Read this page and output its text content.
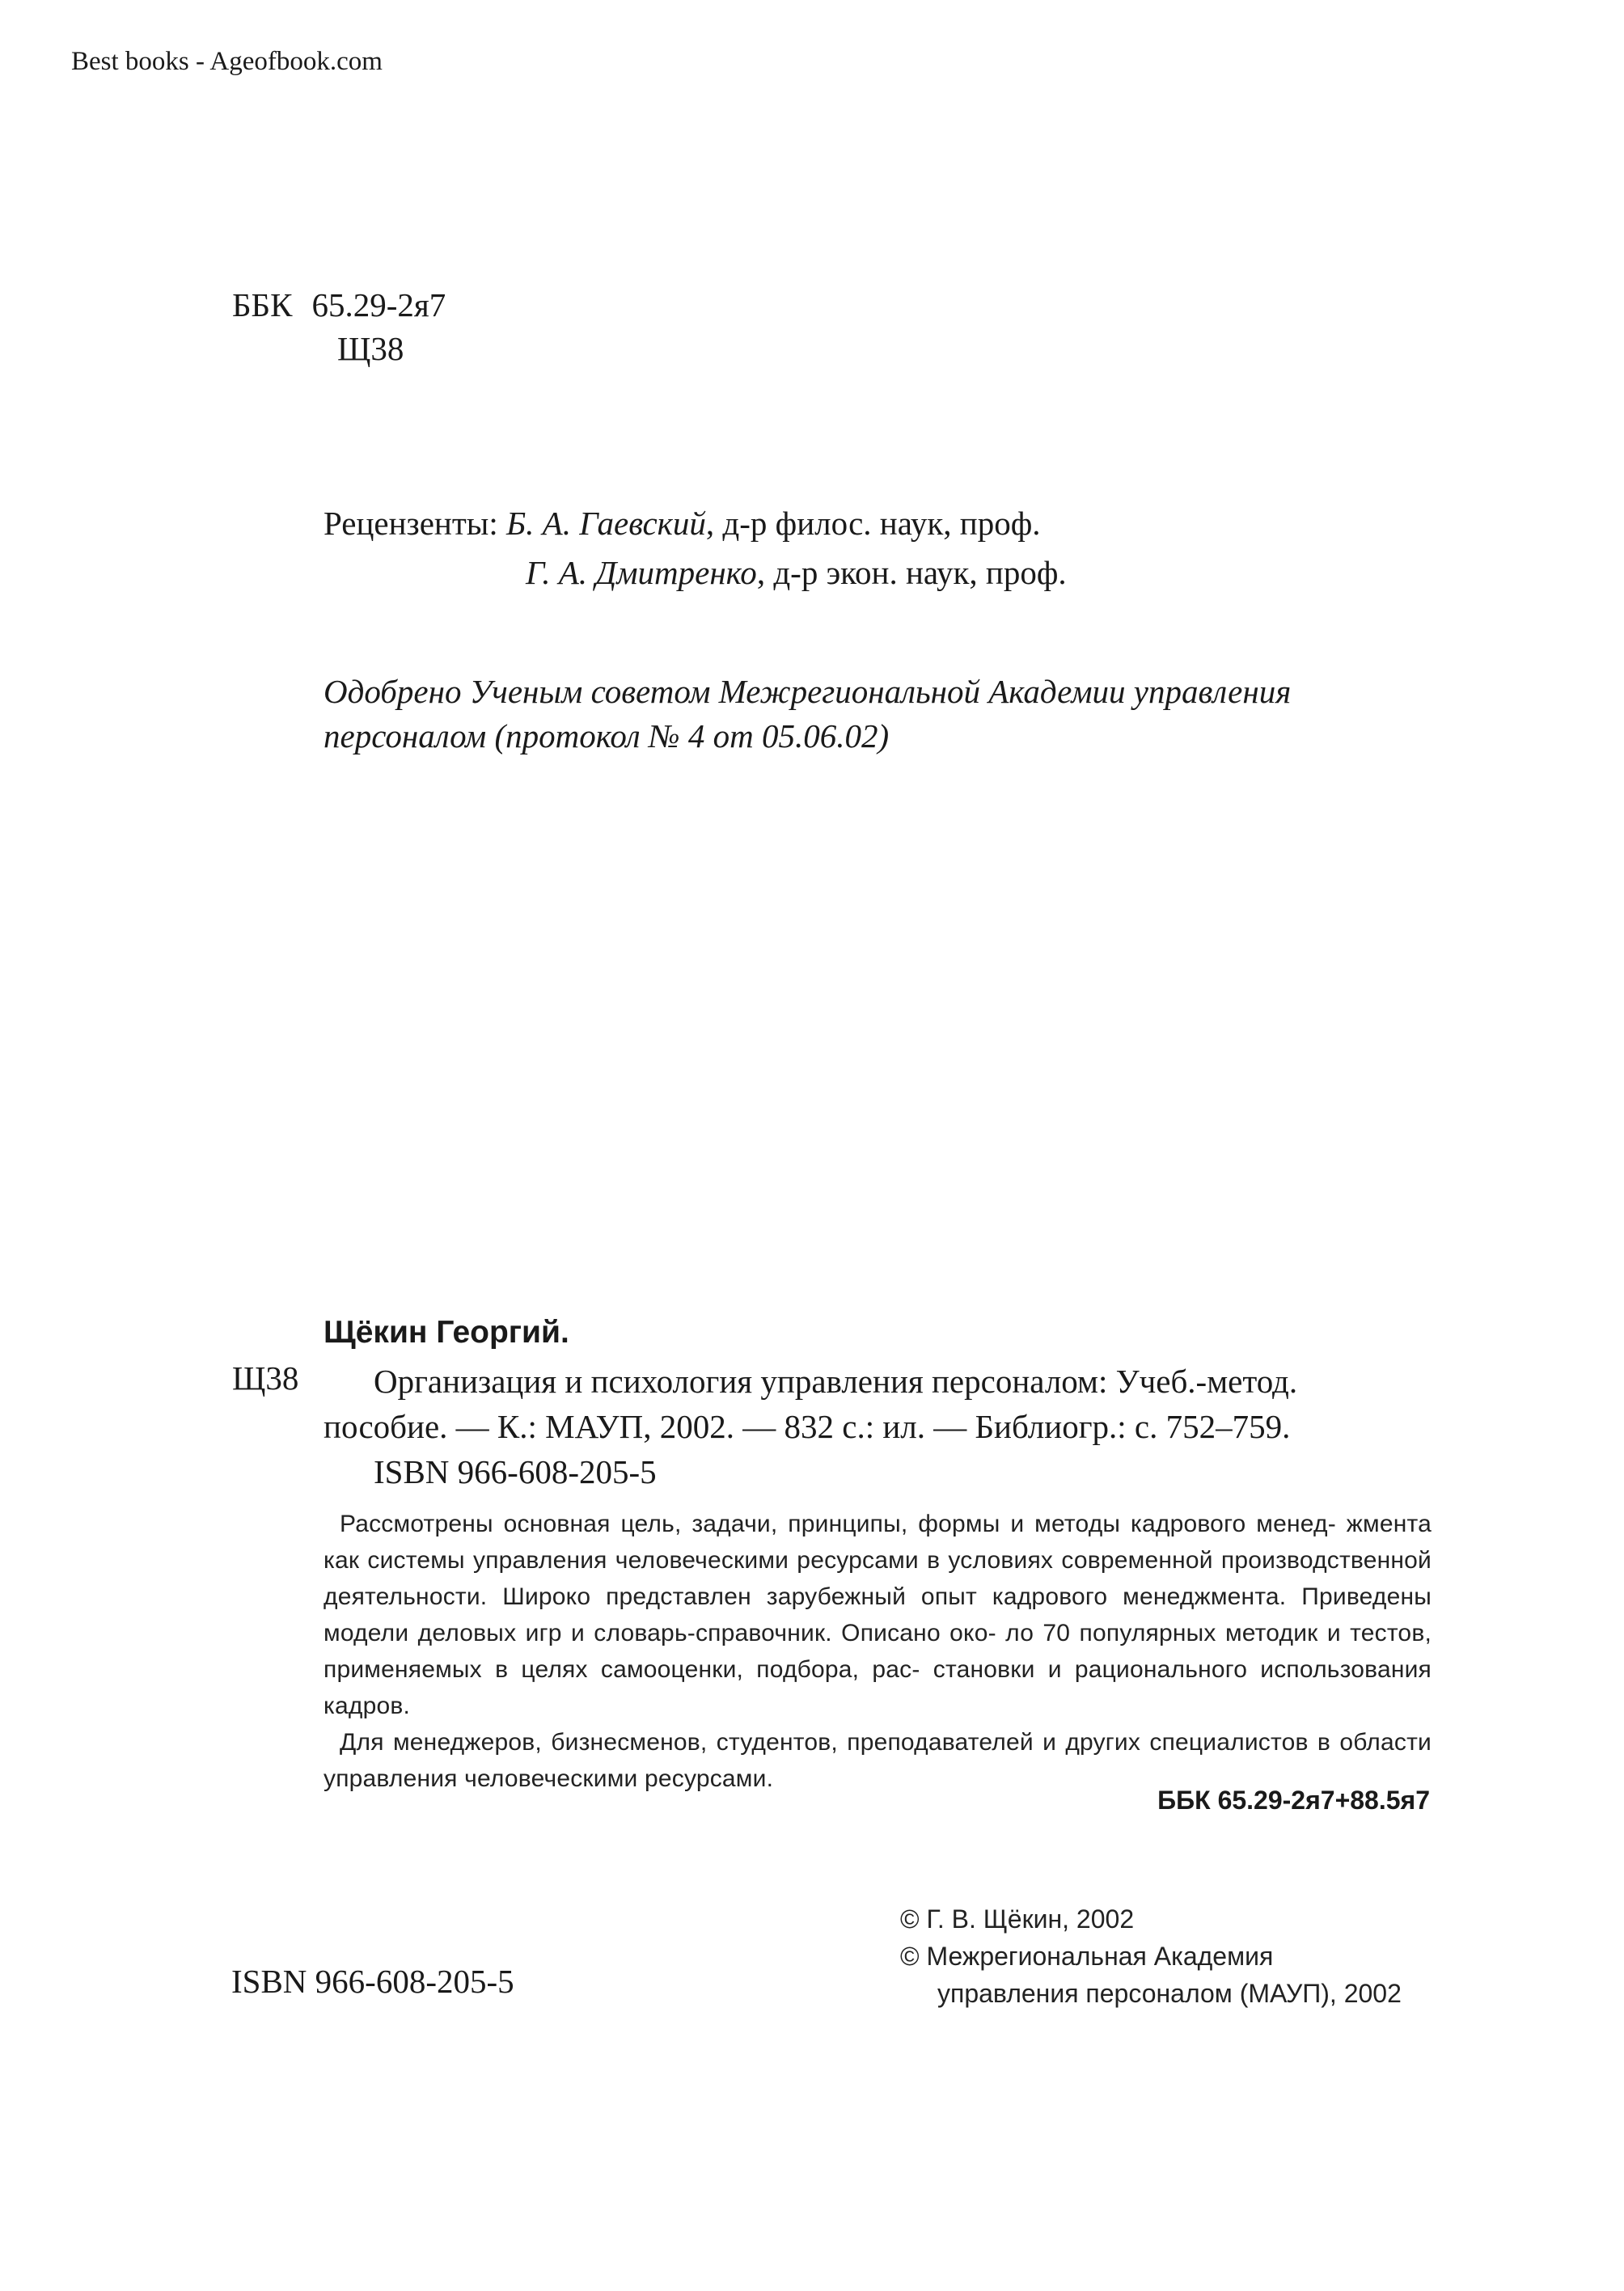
Best books - Ageofbook.com
ББК 65.29-2я7
Щ38
Рецензенты: Б. А. Гаевский, д-р филос. наук, проф.
Г. А. Дмитренко, д-р экон. наук, проф.
Одобрено Ученым советом Межрегиональной Академии управления
персоналом (протокол № 4 от 05.06.02)
Щёкин Георгий.
Щ38	Организация и психология управления персоналом: Учеб.-метод.
пособие. — К.: МАУП, 2002. — 832 с.: ил. — Библиогр.: с. 752–759.
ISBN 966-608-205-5

Рассмотрены основная цель, задачи, принципы, формы и методы кадрового менед- жмента как системы управления человеческими ресурсами в условиях современной производственной деятельности. Широко представлен зарубежный опыт кадрового менеджмента. Приведены модели деловых игр и словарь-справочник. Описано око- ло 70 популярных методик и тестов, применяемых в целях самооценки, подбора, рас- становки и рационального использования кадров.

Для менеджеров, бизнесменов, студентов, преподавателей и других специалистов в области управления человеческими ресурсами.

ББК 65.29-2я7+88.5я7
© Г. В. Щёкин, 2002
© Межрегиональная Академия
управления персоналом (МАУП), 2002
ISBN 966-608-205-5
